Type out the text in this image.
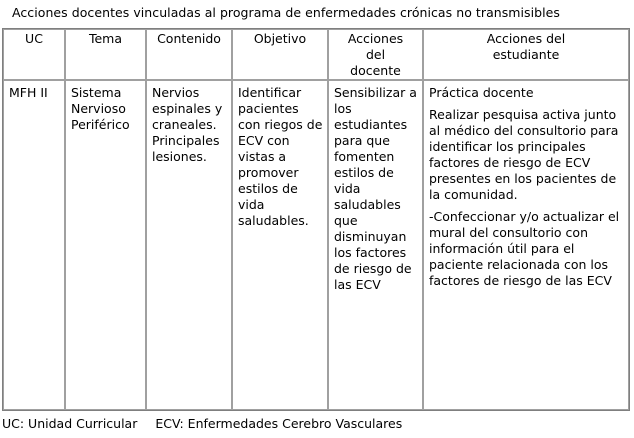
Acciones docentes vinculadas al programa de enfermedades crónicas no transmisibles
UC	Tema	Contenido	Objetivo	Acciones del docente	Acciones del estudiante

MFH II	Sistema Nervioso Periférico	Nervios espinales y craneales. Principales lesiones.	Identificar pacientes con riegos de ECV con vistas a promover estilos de vida saludables.	Sensibilizar a los estudiantes para que fomenten estilos de vida saludables que disminuyan los factores de riesgo de las ECV	Práctica docente

Realizar pesquisa activa junto al médico del consultorio para identificar los principales factores de riesgo de ECV presentes en los pacientes de la comunidad.

-Confeccionar y/o actualizar el mural del consultorio con información útil para el paciente relacionada con los factores de riesgo de las ECV

UC: Unidad Curricular ECV: Enfermedades Cerebro Vasculares
